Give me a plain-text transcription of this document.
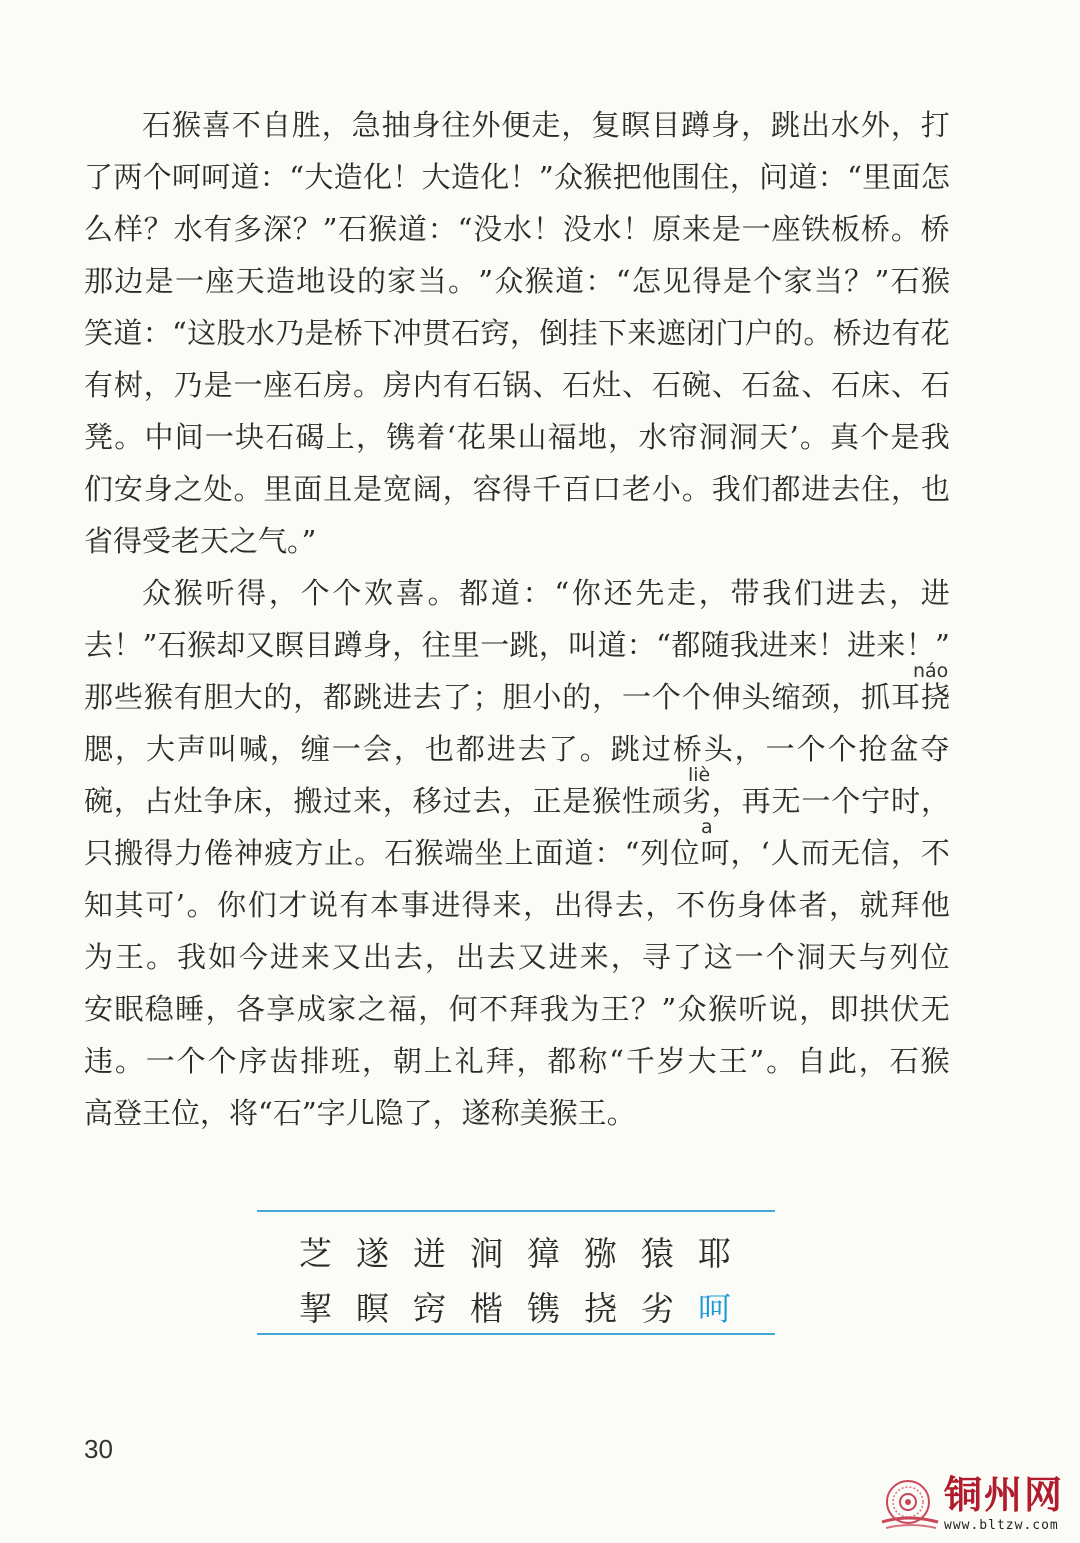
石 猴 喜 不 自 胜 ， 急 抽 身 往 外 便 走 ， 复 瞑 目 蹲 身 ， 跳 出 水 外 ， 打
了 两 个 呵 呵 道 ： “ 大 造 化 ！ 大 造 化 ！ ” 众 猴 把 他 围 住 ， 问 道 ： “ 里 面 怎
么 样 ？ 水 有 多 深 ？ ” 石 猴 道 ： “ 没 水 ！ 没 水 ！ 原 来 是 一 座 铁 板 桥 。 桥
那 边 是 一 座 天 造 地 设 的 家 当 。 ” 众 猴 道 ： “ 怎 见 得 是 个 家 当 ？ ” 石 猴
笑 道 ： “ 这 股 水 乃 是 桥 下 冲 贯 石 窍 ， 倒 挂 下 来 遮 闭 门 户 的 。 桥 边 有 花
有 树 ， 乃 是 一 座 石 房 。 房 内 有 石 锅 、 石 灶 、 石 碗 、 石 盆 、 石 床 、 石
凳 。 中 间 一 块 石 碣 上 ， 镌 着 ‘ 花 果 山 福 地 ， 水 帘 洞 洞 天 ’ 。 真 个 是 我
们 安 身 之 处 。 里 面 且 是 宽 阔 ， 容 得 千 百 口 老 小 。 我 们 都 进 去 住 ， 也
省得受老天之气。”
众 猴 听 得 ， 个 个 欢 喜 。 都 道 ： “ 你 还 先 走 ， 带 我 们 进 去 ， 进
去 ！ ” 石 猴 却 又 瞑 目 蹲 身 ， 往 里 一 跳 ， 叫 道 ： “ 都 随 我 进 来 ！ 进 来 ！ ”
那 些 猴 有 胆 大 的 ， 都 跳 进 去 了 ； 胆 小 的 ， 一 个 个 伸 头 缩 颈 ， 抓 耳 挠
腮 ， 大 声 叫 喊 ， 缠 一 会 ， 也 都 进 去 了 。 跳 过 桥 头 ， 一 个 个 抢 盆 夺
碗 ， 占 灶 争 床 ， 搬 过 来 ， 移 过 去 ， 正 是 猴 性 顽 劣 ， 再 无 一 个 宁 时 ，
只 搬 得 力 倦 神 疲 方 止 。 石 猴 端 坐 上 面 道 ： “ 列 位 呵 ， ‘ 人 而 无 信 ， 不
知 其 可 ’ 。 你 们 才 说 有 本 事 进 得 来 ， 出 得 去 ， 不 伤 身 体 者 ， 就 拜 他
为 王 。 我 如 今 进 来 又 出 去 ， 出 去 又 进 来 ， 寻 了 这 一 个 洞 天 与 列 位
安 眠 稳 睡 ， 各 享 成 家 之 福 ， 何 不 拜 我 为 王 ？ ” 众 猴 听 说 ， 即 拱 伏 无
违 。 一 个 个 序 齿 排 班 ， 朝 上 礼 拜 ， 都 称 “ 千 岁 大 王 ” 。 自 此 ， 石 猴
高登王位，将“石”字儿隐了，遂称美猴王。
náo
liè
a
芝 遂 迸 涧 獐 猕 猿 耶
挈 瞑 窍 楷 镌 挠 劣 呵
30
铜州网
www.bltzw.com
